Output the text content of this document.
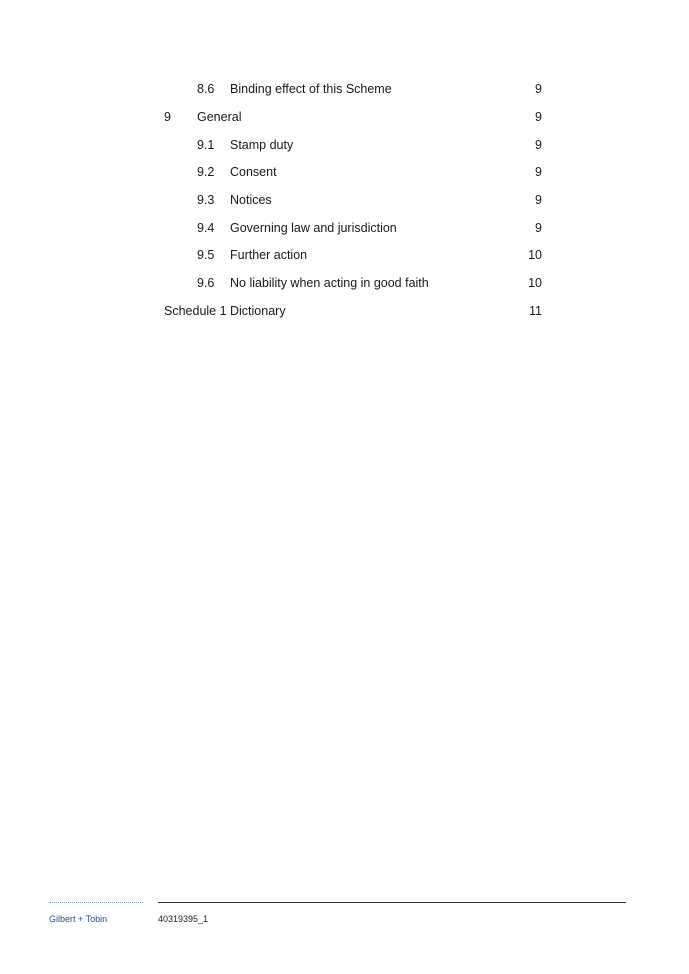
8.6 Binding effect of this Scheme	9
9 General	9
9.1 Stamp duty	9
9.2 Consent	9
9.3 Notices	9
9.4 Governing law and jurisdiction	9
9.5 Further action	10
9.6 No liability when acting in good faith	10
Schedule 1 Dictionary	11
Gilbert + Tobin	40319395_1
